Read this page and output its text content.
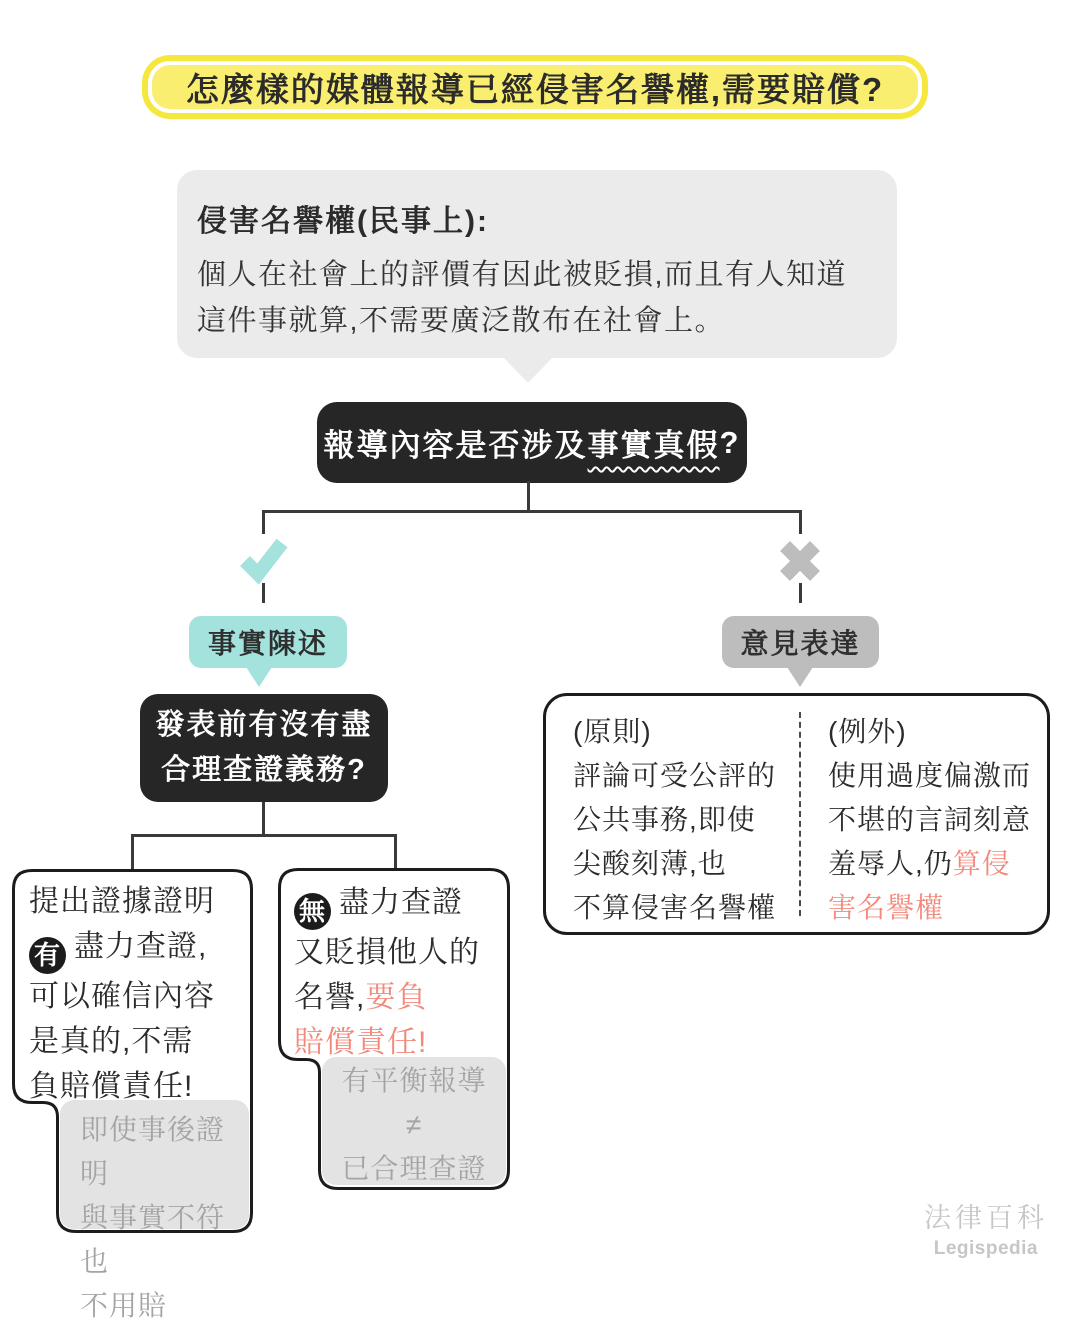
怎麼樣的媒體報導已經侵害名譽權,需要賠償?
侵害名譽權(民事上):
個人在社會上的評價有因此被貶損,而且有人知道
這件事就算,不需要廣泛散布在社會上。
報導內容是否涉及 事實真假 ?
事實陳述	意見表達
發表前有沒有盡
合理查證義務?
即使事後證明
與事實不符也
不用賠
提出證據證明
有 盡力查證,
可以確信內容
是真的,不需
負賠償責任!	有平衡報導
≠
已合理查證
無 盡力查證
又貶損他人的
名譽,要負
賠償責任!
(原則)
評論可受公評的
公共事務,即使
尖酸刻薄,也
不算侵害名譽權
(例外)
使用過度偏激而
不堪的言詞刻意
羞辱人,仍算侵
害名譽權
法律百科
Legispedia
